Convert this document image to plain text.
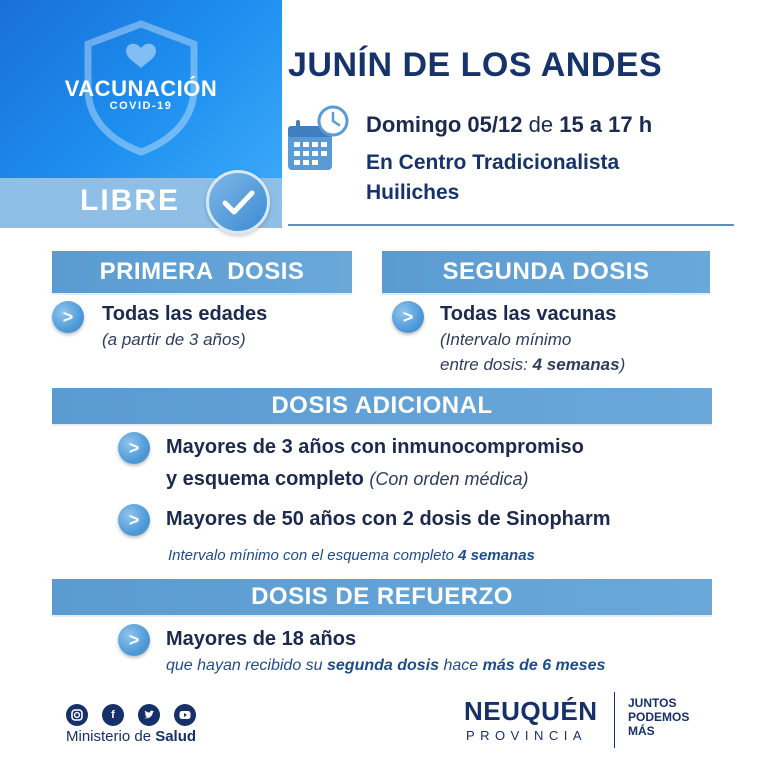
VACUNACIÓN
COVID-19
LIBRE
JUNÍN DE LOS ANDES
Domingo 05/12 de 15 a 17 h
En Centro Tradicionalista
Huiliches
PRIMERA  DOSIS
>	Todas las edades
(a partir de 3 años)
SEGUNDA DOSIS
>	Todas las vacunas
(Intervalo mínimo
entre dosis: 4 semanas)
DOSIS ADICIONAL
>	Mayores de 3 años con inmunocompromiso
y esquema completo (Con orden médica)
>	Mayores de 50 años con 2 dosis de Sinopharm
Intervalo mínimo con el esquema completo 4 semanas
DOSIS DE REFUERZO
>	Mayores de 18 años
que hayan recibido su segunda dosis hace más de 6 meses
f
Ministerio de Salud
NEUQUÉN
PROVINCIA
JUNTOS
PODEMOS
MÁS
